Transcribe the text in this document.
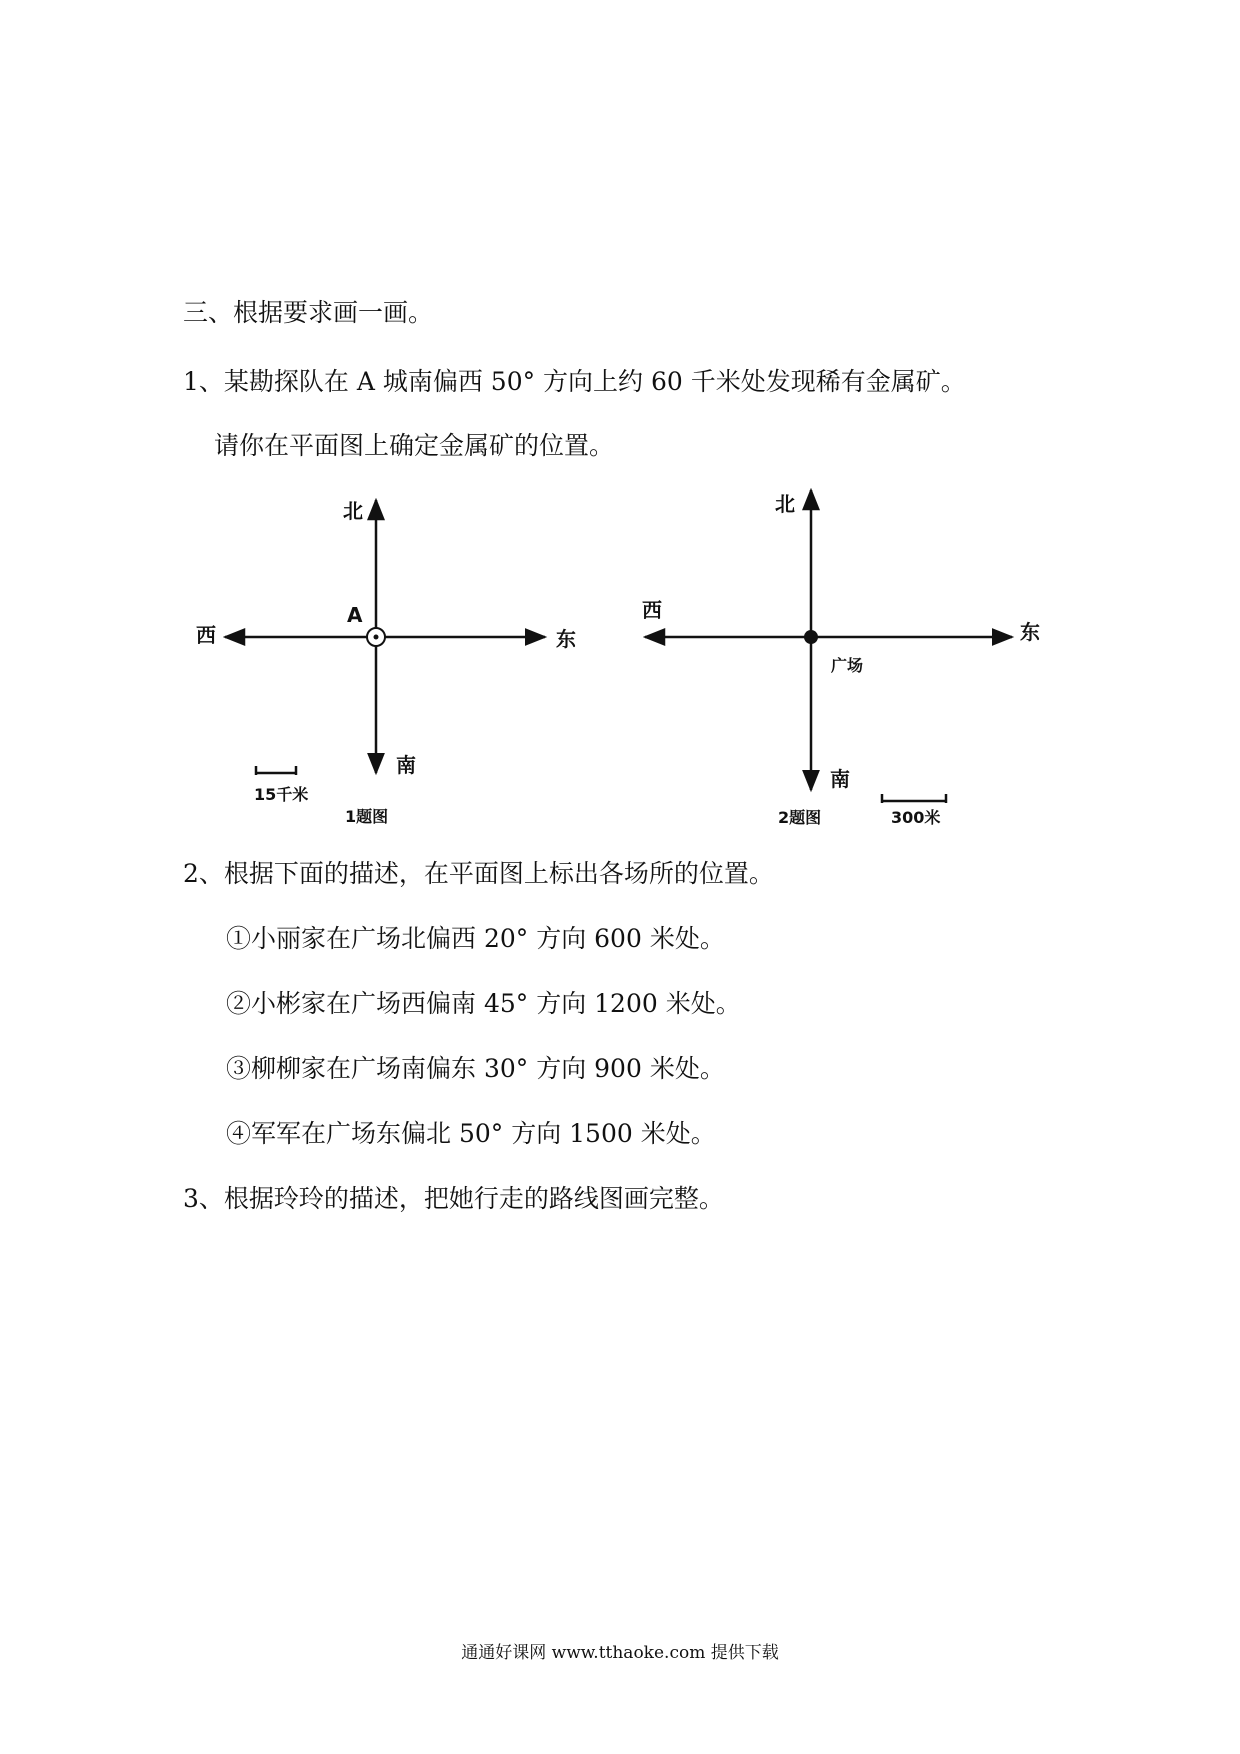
三、根据要求画一画。
1、某勘探队在 A 城南偏西 50° 方向上约 60 千米处发现稀有金属矿。
请你在平面图上确定金属矿的位置。
北
南
东
西
A
15千米
1题图
北
南
东
西
广场
300米
2题图
2、根据下面的描述，在平面图上标出各场所的位置。
①小丽家在广场北偏西 20° 方向 600 米处。
②小彬家在广场西偏南 45° 方向 1200 米处。
③柳柳家在广场南偏东 30° 方向 900 米处。
④军军在广场东偏北 50° 方向 1500 米处。
3、根据玲玲的描述，把她行走的路线图画完整。
通通好课网 www.tthaoke.com 提供下载
